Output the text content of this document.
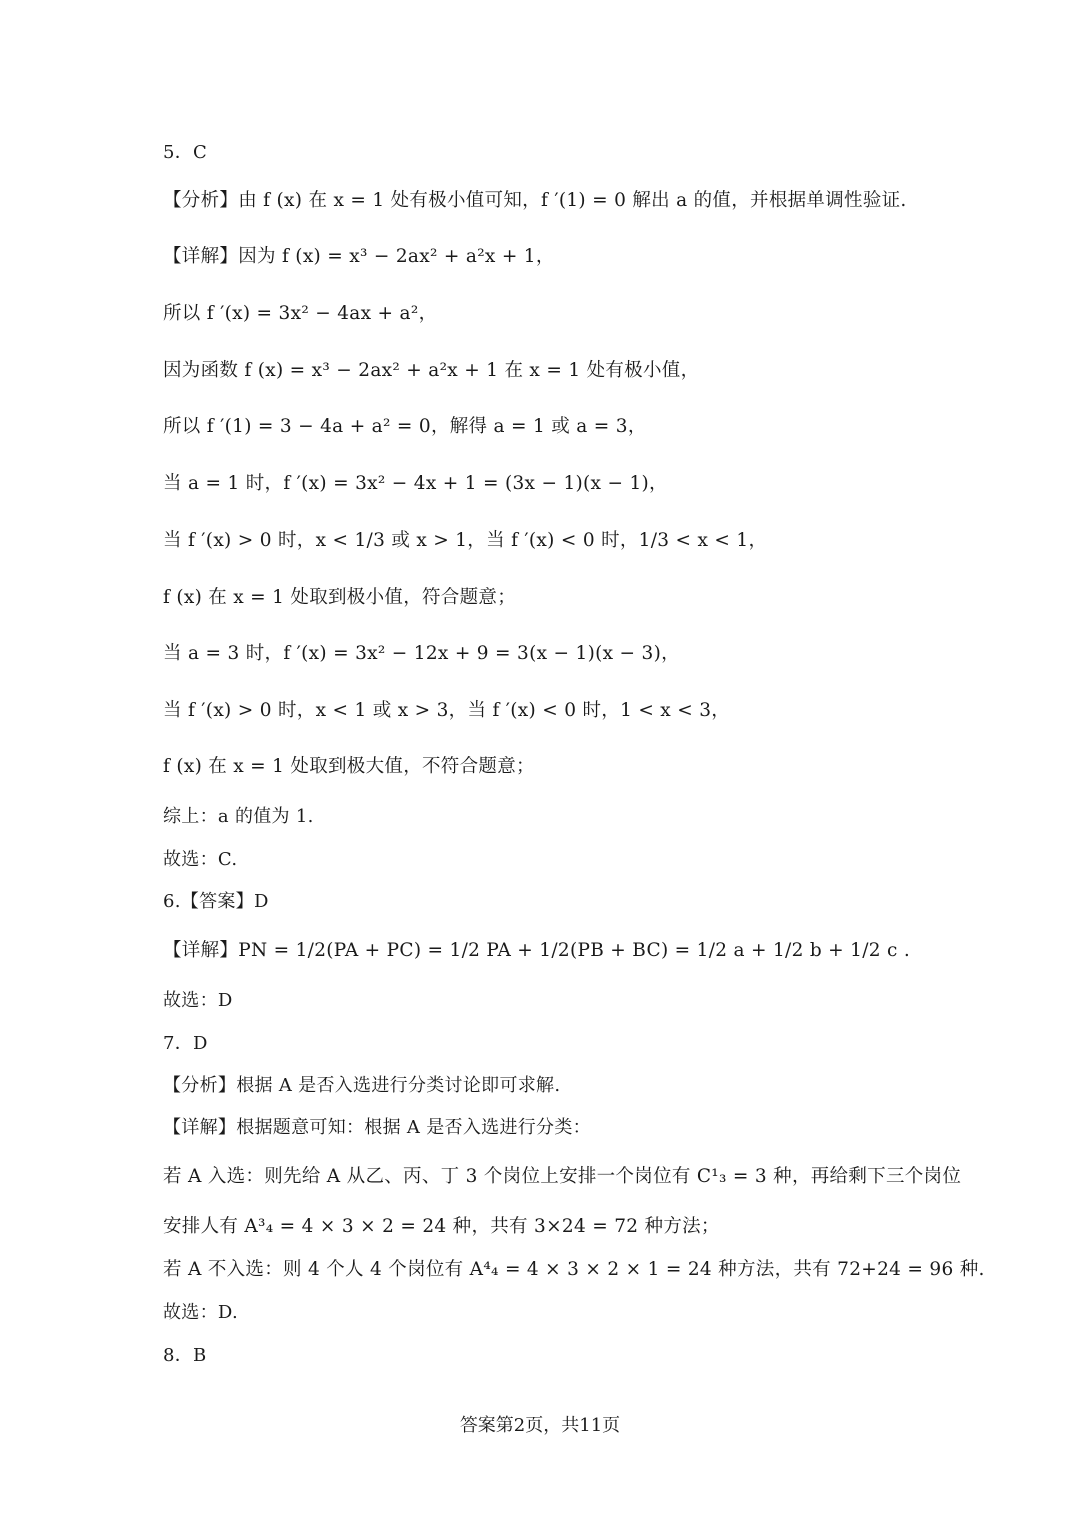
5．C
【分析】由 f (x) 在 x = 1 处有极小值可知，f ′(1) = 0 解出 a 的值，并根据单调性验证.
【详解】因为 f (x) = x³ − 2ax² + a²x + 1，
所以 f ′(x) = 3x² − 4ax + a²，
因为函数 f (x) = x³ − 2ax² + a²x + 1 在 x = 1 处有极小值，
所以 f ′(1) = 3 − 4a + a² = 0，解得 a = 1 或 a = 3，
当 a = 1 时，f ′(x) = 3x² − 4x + 1 = (3x − 1)(x − 1)，
当 f ′(x) > 0 时，x < 1/3 或 x > 1，当 f ′(x) < 0 时，1/3 < x < 1，
f (x) 在 x = 1 处取到极小值，符合题意；
当 a = 3 时，f ′(x) = 3x² − 12x + 9 = 3(x − 1)(x − 3)，
当 f ′(x) > 0 时，x < 1 或 x > 3，当 f ′(x) < 0 时，1 < x < 3，
f (x) 在 x = 1 处取到极大值，不符合题意；
综上：a 的值为 1.
故选：C.
6.【答案】D
【详解】PN = 1/2(PA + PC) = 1/2 PA + 1/2(PB + BC) = 1/2 a + 1/2 b + 1/2 c .
故选：D
7．D
【分析】根据 A 是否入选进行分类讨论即可求解.
【详解】根据题意可知：根据 A 是否入选进行分类：
若 A 入选：则先给 A 从乙、丙、丁 3 个岗位上安排一个岗位有 C¹₃ = 3 种，再给剩下三个岗位
安排人有 A³₄ = 4 × 3 × 2 = 24 种，共有 3×24 = 72 种方法；
若 A 不入选：则 4 个人 4 个岗位有 A⁴₄ = 4 × 3 × 2 × 1 = 24 种方法，共有 72+24 = 96 种.
故选：D.
8．B
答案第2页，共11页
